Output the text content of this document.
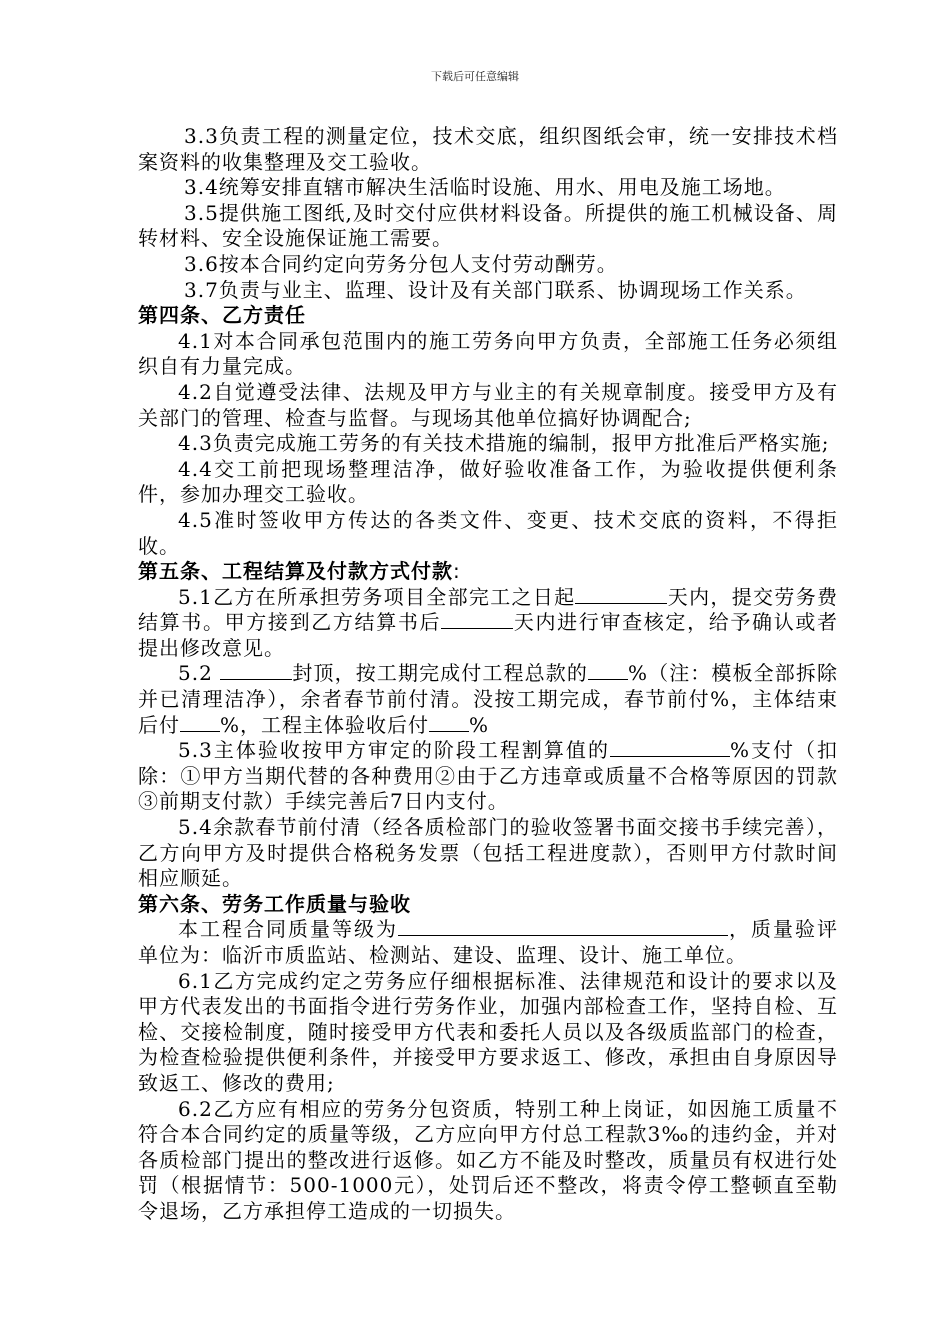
下载后可任意编辑

3.3负责工程的测量定位，技术交底，组织图纸会审，统一安排技术档案资料的收集整理及交工验收。

3.4统筹安排直辖市解决生活临时设施、用水、用电及施工场地。

3.5提供施工图纸,及时交付应供材料设备。所提供的施工机械设备、周转材料、安全设施保证施工需要。

3.6按本合同约定向劳务分包人支付劳动酬劳。

3.7负责与业主、监理、设计及有关部门联系、协调现场工作关系。

第四条、乙方责任

4.1对本合同承包范围内的施工劳务向甲方负责，全部施工任务必须组织自有力量完成。

4.2自觉遵受法律、法规及甲方与业主的有关规章制度。接受甲方及有关部门的管理、检查与监督。与现场其他单位搞好协调配合;

4.3负责完成施工劳务的有关技术措施的编制，报甲方批准后严格实施;

4.4交工前把现场整理洁净，做好验收准备工作，为验收提供便利条件，参加办理交工验收。

4.5准时签收甲方传达的各类文件、变更、技术交底的资料，不得拒收。

第五条、工程结算及付款方式付款:

5.1乙方在所承担劳务项目全部完工之日起	天内，提交劳务费结算书。甲方接到乙方结算书后	天内进行审查核定，给予确认或者提出修改意见。

5.2	封顶，按工期完成付工程总款的 %（注：模板全部拆除并已清理洁净），余者春节前付清。没按工期完成，春节前付%，主体结束后付 %，工程主体验收后付 %

5.3主体验收按甲方审定的阶段工程割算值的	%支付（扣除：①甲方当期代替的各种费用②由于乙方违章或质量不合格等原因的罚款③前期支付款）手续完善后7日内支付。

5.4余款春节前付清（经各质检部门的验收签署书面交接书手续完善），乙方向甲方及时提供合格税务发票（包括工程进度款），否则甲方付款时间相应顺延。

第六条、劳务工作质量与验收

本工程合同质量等级为	，质量验评单位为：临沂市质监站、检测站、建设、监理、设计、施工单位。

6.1乙方完成约定之劳务应仔细根据标准、法律规范和设计的要求以及甲方代表发出的书面指令进行劳务作业，加强内部检查工作，坚持自检、互检、交接检制度，随时接受甲方代表和委托人员以及各级质监部门的检查，为检查检验提供便利条件，并接受甲方要求返工、修改，承担由自身原因导致返工、修改的费用;

6.2乙方应有相应的劳务分包资质，特别工种上岗证，如因施工质量不符合本合同约定的质量等级，乙方应向甲方付总工程款3‰的违约金，并对各质检部门提出的整改进行返修。如乙方不能及时整改，质量员有权进行处罚（根据情节：500-1000元），处罚后还不整改，将责令停工整顿直至勒令退场，乙方承担停工造成的一切损失。
